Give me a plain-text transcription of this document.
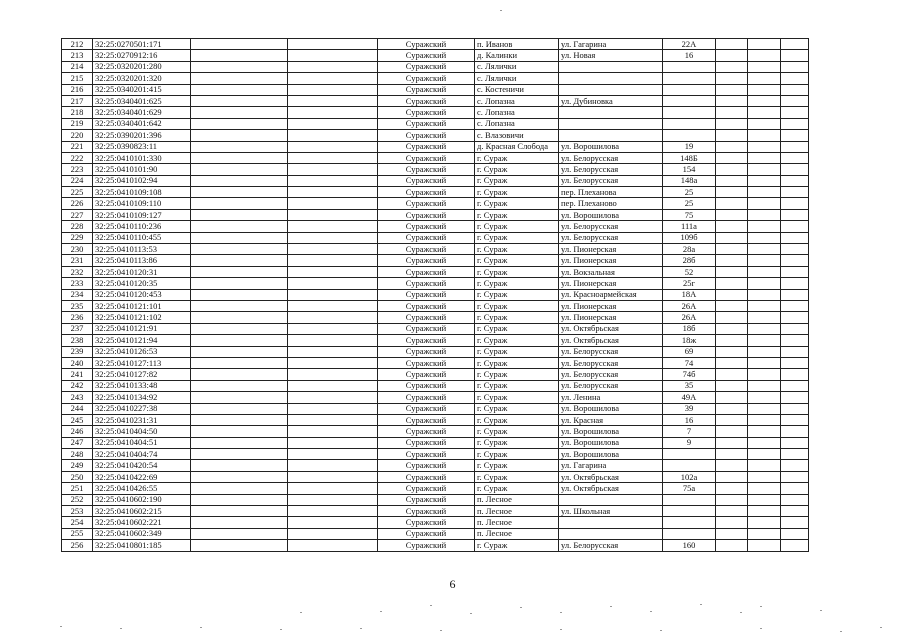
212	32:25:0270501:171			Суражский	п. Иванов	ул. Гагарина	22А			
213	32:25:0270912:16			Суражский	д. Калинки	ул. Новая	16			
214	32:25:0320201:280			Суражский	с. Лялички					
215	32:25:0320201:320			Суражский	с. Лялички					
216	32:25:0340201:415			Суражский	с. Костеничи					
217	32:25:0340401:625			Суражский	с. Лопазна	ул. Дубиновка				
218	32:25:0340401:629			Суражский	с. Лопазна					
219	32:25:0340401:642			Суражский	с. Лопазна					
220	32:25:0390201:396			Суражский	с. Влазовичи					
221	32:25:0390823:11			Суражский	д. Красная Слобода	ул. Ворошилова	19			
222	32:25:0410101:330			Суражский	г. Сураж	ул. Белорусская	148Б			
223	32:25:0410101:90			Суражский	г. Сураж	ул. Белорусская	154			
224	32:25:0410102:94			Суражский	г. Сураж	ул. Белорусская	148а			
225	32:25:0410109:108			Суражский	г. Сураж	пер. Плеханова	25			
226	32:25:0410109:110			Суражский	г. Сураж	пер. Плеханово	25			
227	32:25:0410109:127			Суражский	г. Сураж	ул. Ворошилова	75			
228	32:25:0410110:236			Суражский	г. Сураж	ул. Белорусская	111а			
229	32:25:0410110:455			Суражский	г. Сураж	ул. Белорусская	109б			
230	32:25:0410113:53			Суражский	г. Сураж	ул. Пионерская	28а			
231	32:25:0410113:86			Суражский	г. Сураж	ул. Пионерская	28б			
232	32:25:0410120:31			Суражский	г. Сураж	ул. Вокзальная	52			
233	32:25:0410120:35			Суражский	г. Сураж	ул. Пионерская	25г			
234	32:25:0410120:453			Суражский	г. Сураж	ул. Красноармейская	18А			
235	32:25:0410121:101			Суражский	г. Сураж	ул. Пионерская	26А			
236	32:25:0410121:102			Суражский	г. Сураж	ул. Пионерская	26А			
237	32:25:0410121:91			Суражский	г. Сураж	ул. Октябрьская	18б			
238	32:25:0410121:94			Суражский	г. Сураж	ул. Октябрьская	18ж			
239	32:25:0410126:53			Суражский	г. Сураж	ул. Белорусская	69			
240	32:25:0410127:113			Суражский	г. Сураж	ул. Белорусская	74			
241	32:25:0410127:82			Суражский	г. Сураж	ул. Белорусская	74б			
242	32:25:0410133:48			Суражский	г. Сураж	ул. Белорусская	35			
243	32:25:0410134:92			Суражский	г. Сураж	ул. Ленина	49А			
244	32:25:0410227:38			Суражский	г. Сураж	ул. Ворошилова	39			
245	32:25:0410231:31			Суражский	г. Сураж	ул. Красная	16			
246	32:25:0410404:50			Суражский	г. Сураж	ул. Ворошилова	7			
247	32:25:0410404:51			Суражский	г. Сураж	ул. Ворошилова	9			
248	32:25:0410404:74			Суражский	г. Сураж	ул. Ворошилова				
249	32:25:0410420:54			Суражский	г. Сураж	ул. Гагарина				
250	32:25:0410422:69			Суражский	г. Сураж	ул. Октябрьская	102а			
251	32:25:0410426:55			Суражский	г. Сураж	ул. Октябрьская	75а			
252	32:25:0410602:190			Суражский	п. Лесное					
253	32:25:0410602:215			Суражский	п. Лесное	ул. Школьная				
254	32:25:0410602:221			Суражский	п. Лесное					
255	32:25:0410602:349			Суражский	п. Лесное					
256	32:25:0410801:185			Суражский	г. Сураж	ул. Белорусская	160			
6
